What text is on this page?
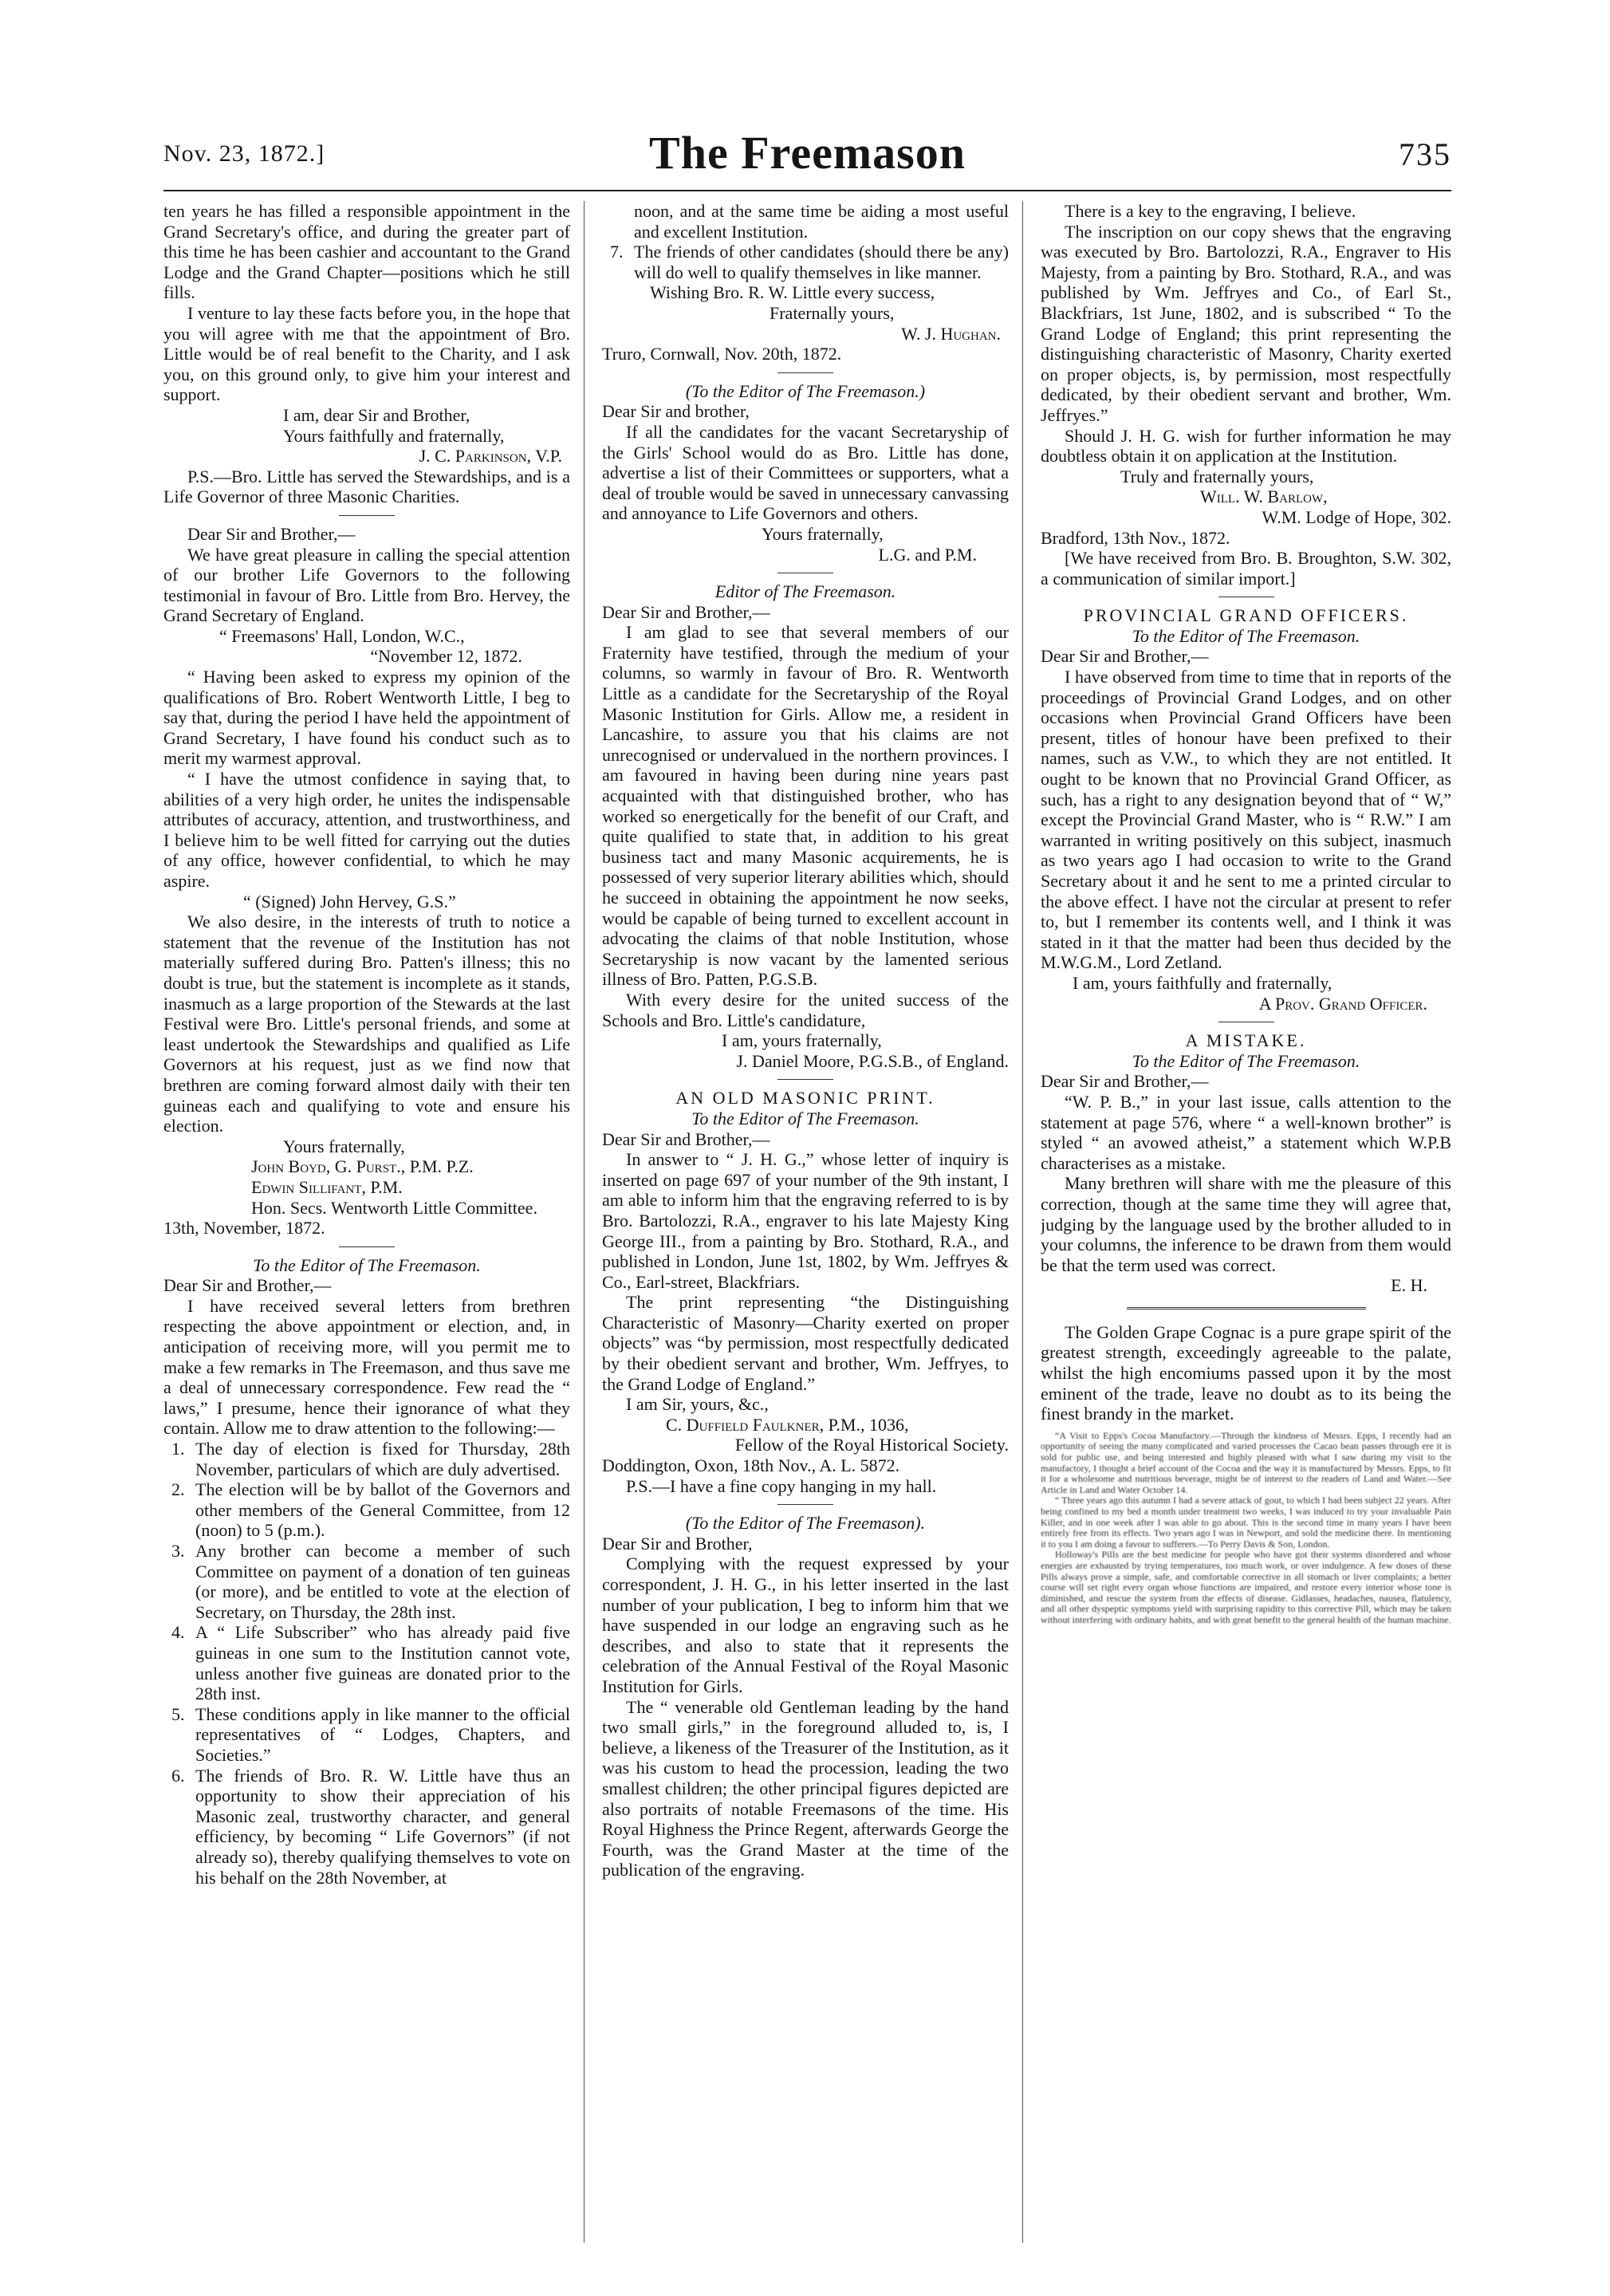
Nov. 23, 1872.]	The Freemason	735

ten years he has filled a responsible appointment in the Grand Secretary's office, and during the greater part of this time he has been cashier and accountant to the Grand Lodge and the Grand Chapter—positions which he still fills.

I venture to lay these facts before you, in the hope that you will agree with me that the appointment of Bro. Little would be of real benefit to the Charity, and I ask you, on this ground only, to give him your interest and support.

I am, dear Sir and Brother,

Yours faithfully and fraternally,

J. C. Parkinson, V.P.

P.S.—Bro. Little has served the Stewardships, and is a Life Governor of three Masonic Charities.

Dear Sir and Brother,—

We have great pleasure in calling the special attention of our brother Life Governors to the following testimonial in favour of Bro. Little from Bro. Hervey, the Grand Secretary of England.

“ Freemasons' Hall, London, W.C.,

“November 12, 1872.

“ Having been asked to express my opinion of the qualifications of Bro. Robert Wentworth Little, I beg to say that, during the period I have held the appointment of Grand Secretary, I have found his conduct such as to merit my warmest approval.

“ I have the utmost confidence in saying that, to abilities of a very high order, he unites the indispensable attributes of accuracy, attention, and trustworthiness, and I believe him to be well fitted for carrying out the duties of any office, however confidential, to which he may aspire.

“ (Signed) John Hervey, G.S.”

We also desire, in the interests of truth to notice a statement that the revenue of the Institution has not materially suffered during Bro. Patten's illness; this no doubt is true, but the statement is incomplete as it stands, inasmuch as a large proportion of the Stewards at the last Festival were Bro. Little's personal friends, and some at least undertook the Stewardships and qualified as Life Governors at his request, just as we find now that brethren are coming forward almost daily with their ten guineas each and qualifying to vote and ensure his election.

Yours fraternally,

John Boyd, G. Purst., P.M. P.Z.

Edwin Sillifant, P.M.

Hon. Secs. Wentworth Little Committee.

13th, November, 1872.

To the Editor of The Freemason.

Dear Sir and Brother,—

I have received several letters from brethren respecting the above appointment or election, and, in anticipation of receiving more, will you permit me to make a few remarks in The Freemason, and thus save me a deal of unnecessary correspondence. Few read the “ laws,” I presume, hence their ignorance of what they contain. Allow me to draw attention to the following:—

1. The day of election is fixed for Thursday, 28th November, particulars of which are duly advertised.
2. The election will be by ballot of the Governors and other members of the General Committee, from 12 (noon) to 5 (p.m.).
3. Any brother can become a member of such Committee on payment of a donation of ten guineas (or more), and be entitled to vote at the election of Secretary, on Thursday, the 28th inst.
4. A “ Life Subscriber” who has already paid five guineas in one sum to the Institution cannot vote, unless another five guineas are donated prior to the 28th inst.
5. These conditions apply in like manner to the official representatives of “ Lodges, Chapters, and Societies.”
6. The friends of Bro. R. W. Little have thus an opportunity to show their appreciation of his Masonic zeal, trustworthy character, and general efficiency, by becoming “ Life Governors” (if not already so), thereby qualifying themselves to vote on his behalf on the 28th November, at

noon, and at the same time be aiding a most useful and excellent Institution.

7. The friends of other candidates (should there be any) will do well to qualify themselves in like manner.

Wishing Bro. R. W. Little every success,

Fraternally yours,

W. J. Hughan.

Truro, Cornwall, Nov. 20th, 1872.

(To the Editor of The Freemason.)

Dear Sir and brother,

If all the candidates for the vacant Secretaryship of the Girls' School would do as Bro. Little has done, advertise a list of their Committees or supporters, what a deal of trouble would be saved in unnecessary canvassing and annoyance to Life Governors and others.

Yours fraternally,

L.G. and P.M.

Editor of The Freemason.

Dear Sir and Brother,—

I am glad to see that several members of our Fraternity have testified, through the medium of your columns, so warmly in favour of Bro. R. Wentworth Little as a candidate for the Secretaryship of the Royal Masonic Institution for Girls. Allow me, a resident in Lancashire, to assure you that his claims are not unrecognised or undervalued in the northern provinces. I am favoured in having been during nine years past acquainted with that distinguished brother, who has worked so energetically for the benefit of our Craft, and quite qualified to state that, in addition to his great business tact and many Masonic acquirements, he is possessed of very superior literary abilities which, should he succeed in obtaining the appointment he now seeks, would be capable of being turned to excellent account in advocating the claims of that noble Institution, whose Secretaryship is now vacant by the lamented serious illness of Bro. Patten, P.G.S.B.

With every desire for the united success of the Schools and Bro. Little's candidature,

I am, yours fraternally,

J. Daniel Moore, P.G.S.B., of England.

AN OLD MASONIC PRINT.

To the Editor of The Freemason.

Dear Sir and Brother,—

In answer to “ J. H. G.,” whose letter of inquiry is inserted on page 697 of your number of the 9th instant, I am able to inform him that the engraving referred to is by Bro. Bartolozzi, R.A., engraver to his late Majesty King George III., from a painting by Bro. Stothard, R.A., and published in London, June 1st, 1802, by Wm. Jeffryes & Co., Earl-street, Blackfriars.

The print representing “the Distinguishing Characteristic of Masonry—Charity exerted on proper objects” was “by permission, most respectfully dedicated by their obedient servant and brother, Wm. Jeffryes, to the Grand Lodge of England.”

I am Sir, yours, &c.,

C. Duffield Faulkner, P.M., 1036,

Fellow of the Royal Historical Society.

Doddington, Oxon, 18th Nov., A. L. 5872.

P.S.—I have a fine copy hanging in my hall.

(To the Editor of The Freemason).

Dear Sir and Brother,

Complying with the request expressed by your correspondent, J. H. G., in his letter inserted in the last number of your publication, I beg to inform him that we have suspended in our lodge an engraving such as he describes, and also to state that it represents the celebration of the Annual Festival of the Royal Masonic Institution for Girls.

The “ venerable old Gentleman leading by the hand two small girls,” in the foreground alluded to, is, I believe, a likeness of the Treasurer of the Institution, as it was his custom to head the procession, leading the two smallest children; the other principal figures depicted are also portraits of notable Freemasons of the time. His Royal Highness the Prince Regent, afterwards George the Fourth, was the Grand Master at the time of the publication of the engraving.

There is a key to the engraving, I believe.

The inscription on our copy shews that the engraving was executed by Bro. Bartolozzi, R.A., Engraver to His Majesty, from a painting by Bro. Stothard, R.A., and was published by Wm. Jeffryes and Co., of Earl St., Blackfriars, 1st June, 1802, and is subscribed “ To the Grand Lodge of England; this print representing the distinguishing characteristic of Masonry, Charity exerted on proper objects, is, by permission, most respectfully dedicated, by their obedient servant and brother, Wm. Jeffryes.”

Should J. H. G. wish for further information he may doubtless obtain it on application at the Institution.

Truly and fraternally yours,

Will. W. Barlow,

W.M. Lodge of Hope, 302.

Bradford, 13th Nov., 1872.

[We have received from Bro. B. Broughton, S.W. 302, a communication of similar import.]

PROVINCIAL GRAND OFFICERS.

To the Editor of The Freemason.

Dear Sir and Brother,—

I have observed from time to time that in reports of the proceedings of Provincial Grand Lodges, and on other occasions when Provincial Grand Officers have been present, titles of honour have been prefixed to their names, such as V.W., to which they are not entitled. It ought to be known that no Provincial Grand Officer, as such, has a right to any designation beyond that of “ W,” except the Provincial Grand Master, who is “ R.W.” I am warranted in writing positively on this subject, inasmuch as two years ago I had occasion to write to the Grand Secretary about it and he sent to me a printed circular to the above effect. I have not the circular at present to refer to, but I remember its contents well, and I think it was stated in it that the matter had been thus decided by the M.W.G.M., Lord Zetland.

I am, yours faithfully and fraternally,

A Prov. Grand Officer.

A MISTAKE.

To the Editor of The Freemason.

Dear Sir and Brother,—

“W. P. B.,” in your last issue, calls attention to the statement at page 576, where “ a well-known brother” is styled “ an avowed atheist,” a statement which W.P.B characterises as a mistake.

Many brethren will share with me the pleasure of this correction, though at the same time they will agree that, judging by the language used by the brother alluded to in your columns, the inference to be drawn from them would be that the term used was correct.

E. H.

The Golden Grape Cognac is a pure grape spirit of the greatest strength, exceedingly agreeable to the palate, whilst the high encomiums passed upon it by the most eminent of the trade, leave no doubt as to its being the finest brandy in the market.

“A Visit to Epps's Cocoa Manufactory.—Through the kindness of Messrs. Epps, I recently had an opportunity of seeing the many complicated and varied processes the Cacao bean passes through ere it is sold for public use, and being interested and highly pleased with what I saw during my visit to the manufactory, I thought a brief account of the Cocoa and the way it is manufactured by Messrs. Epps, to fit it for a wholesome and nutritious beverage, might be of interest to the readers of Land and Water.—See Article in Land and Water October 14.

“ Three years ago this autumn I had a severe attack of gout, to which I had been subject 22 years. After being confined to my bed a month under treatment two weeks, I was induced to try your invaluable Pain Killer, and in one week after I was able to go about. This is the second time in many years I have been entirely free from its effects. Two years ago I was in Newport, and sold the medicine there. In mentioning it to you I am doing a favour to sufferers.—To Perry Davis & Son, London.

Holloway's Pills are the best medicine for people who have got their systems disordered and whose energies are exhausted by trying temperatures, too much work, or over indulgence. A few doses of these Pills always prove a simple, safe, and comfortable corrective in all stomach or liver complaints; a better course will set right every organ whose functions are impaired, and restore every interior whose tone is diminished, and rescue the system from the effects of disease. Gidlasses, headaches, nausea, flatulency, and all other dyspeptic symptoms yield with surprising rapidity to this corrective Pill, which may be taken without interfering with ordinary habits, and with great benefit to the general health of the human machine.
